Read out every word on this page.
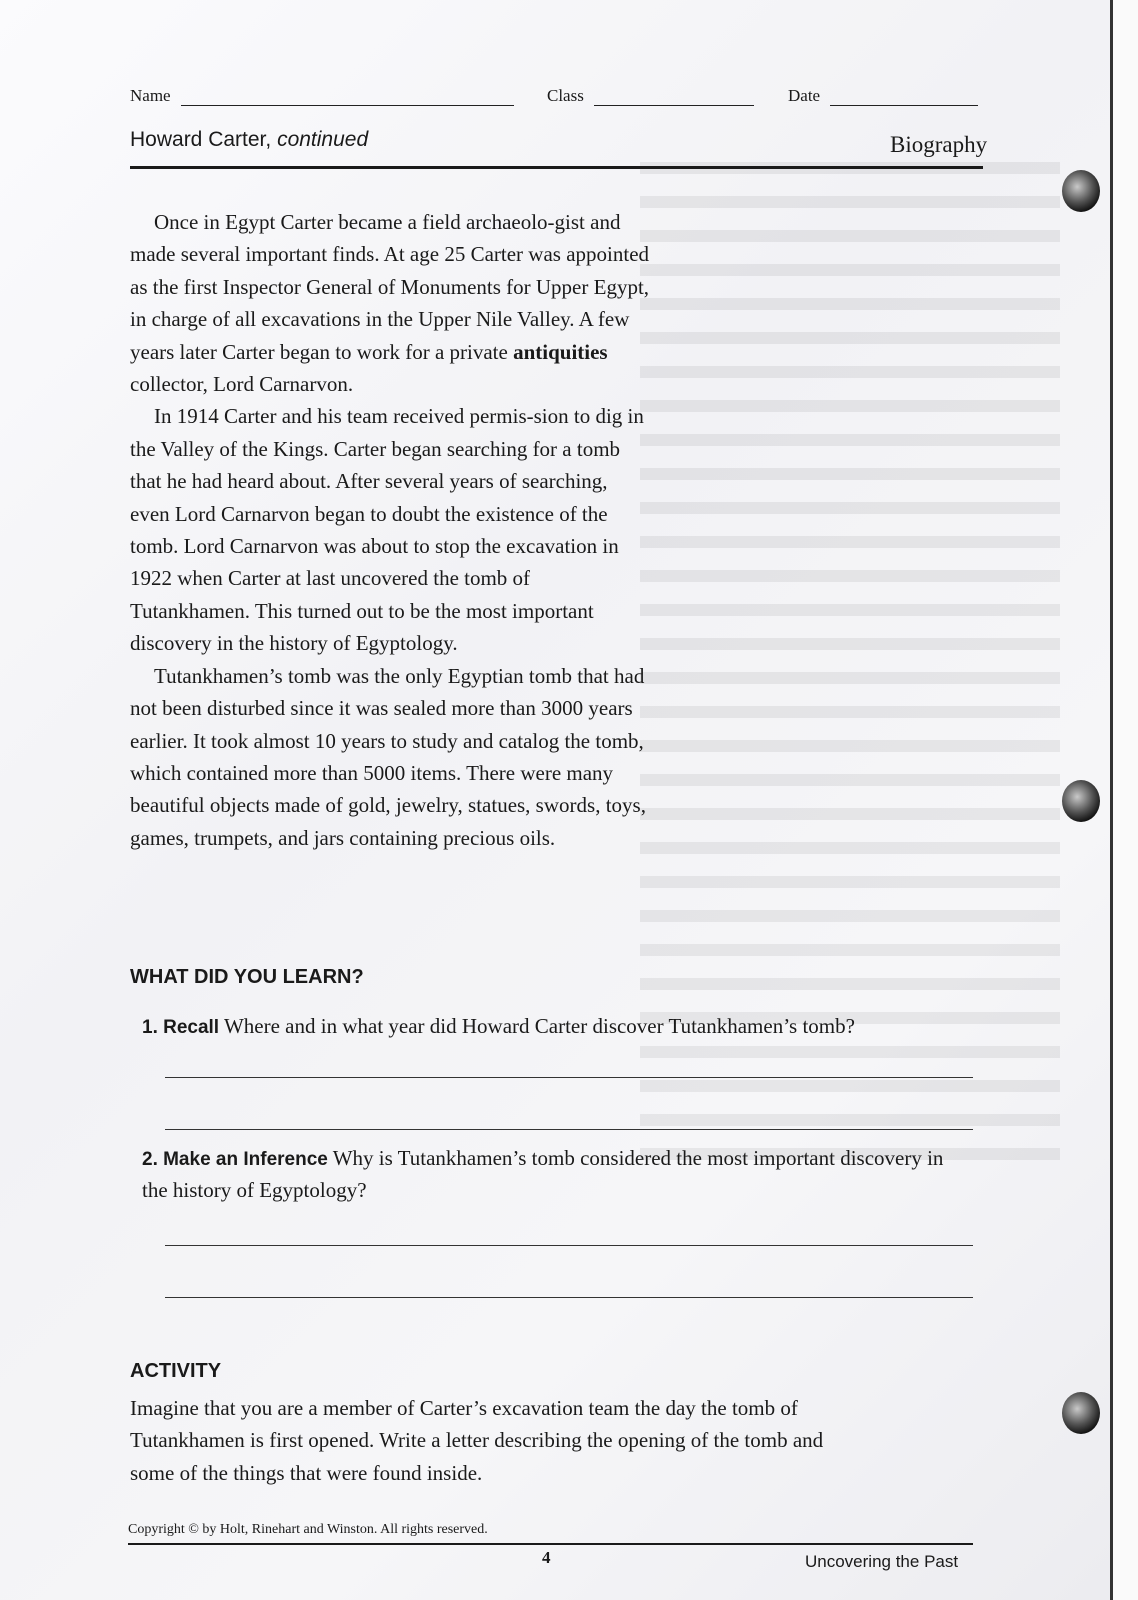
Name	Class	Date
Howard Carter, continued	Biography

Once in Egypt Carter became a field archaeolo-gist and made several important finds. At age 25 Carter was appointed as the first Inspector General of Monuments for Upper Egypt, in charge of all excavations in the Upper Nile Valley. A few years later Carter began to work for a private antiquities collector, Lord Carnarvon.

In 1914 Carter and his team received permis-sion to dig in the Valley of the Kings. Carter began searching for a tomb that he had heard about. After several years of searching, even Lord Carnarvon began to doubt the existence of the tomb. Lord Carnarvon was about to stop the excavation in 1922 when Carter at last uncovered the tomb of Tutankhamen. This turned out to be the most important discovery in the history of Egyptology.

Tutankhamen’s tomb was the only Egyptian tomb that had not been disturbed since it was sealed more than 3000 years earlier. It took almost 10 years to study and catalog the tomb, which contained more than 5000 items. There were many beautiful objects made of gold, jewelry, statues, swords, toys, games, trumpets, and jars containing precious oils.

WHAT DID YOU LEARN?
1. Recall Where and in what year did Howard Carter discover Tutankhamen’s tomb?
2. Make an Inference Why is Tutankhamen’s tomb considered the most important discovery in the history of Egyptology?
ACTIVITY
Imagine that you are a member of Carter’s excavation team the day the tomb of Tutankhamen is first opened. Write a letter describing the opening of the tomb and some of the things that were found inside.
Copyright © by Holt, Rinehart and Winston. All rights reserved.
4	Uncovering the Past
